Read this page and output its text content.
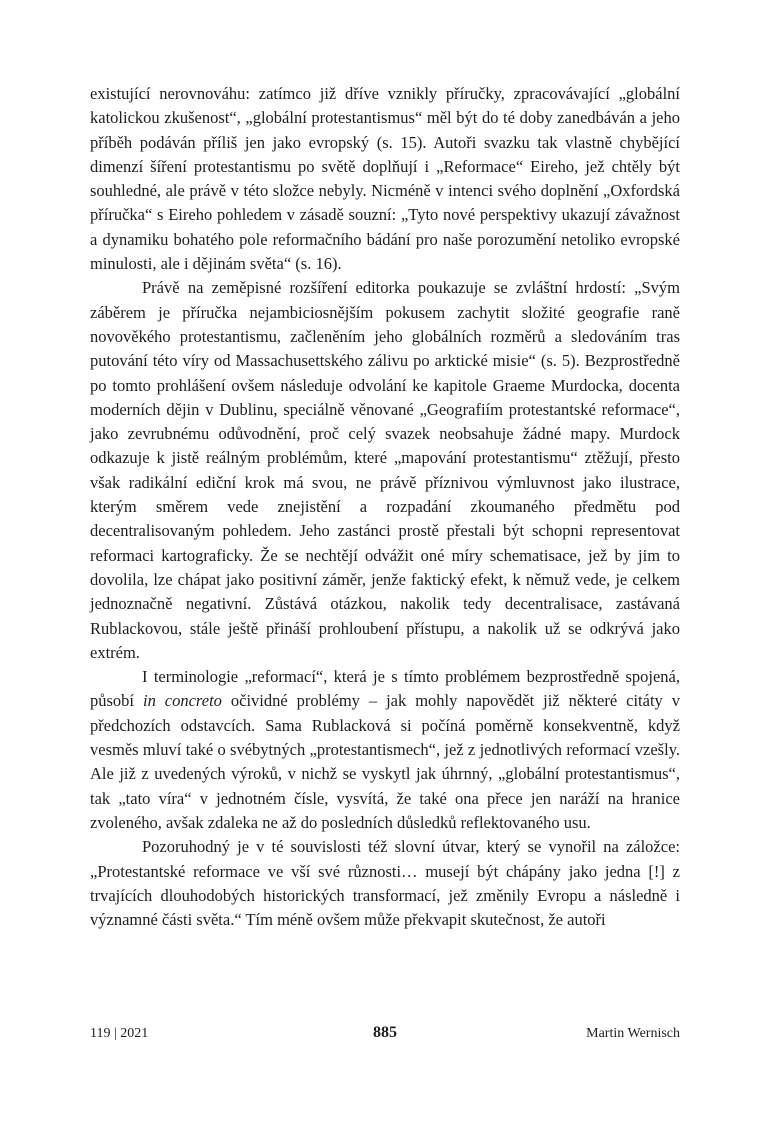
existující nerovnováhu: zatímco již dříve vznikly příručky, zpracovávající „globální katolickou zkušenost“, „globální protestantismus“ měl být do té doby zanedbáván a jeho příběh podáván příliš jen jako evropský (s. 15). Autoři svazku tak vlastně chybějící dimenzí šíření protestantismu po světě doplňují i „Reformace“ Eireho, jež chtěly být souhledné, ale právě v této složce nebyly. Nicméně v intenci svého doplnění „Oxfordská příručka“ s Eireho pohledem v zásadě souzní: „Tyto nové perspektivy ukazují závažnost a dynamiku bohatého pole reformačního bádání pro naše porozumění netoliko evropské minulosti, ale i dějinám světa“ (s. 16).

Právě na zeměpisné rozšíření editorka poukazuje se zvláštní hrdostí: „Svým záběrem je příručka nejambiciosnějším pokusem zachytit složité geografie raně novověkého protestantismu, začleněním jeho globálních rozměrů a sledováním tras putování této víry od Massachusettského zálivu po arktické misie“ (s. 5). Bezprostředně po tomto prohlášení ovšem následuje odvolání ke kapitole Graeme Murdocka, docenta moderních dějin v Dublinu, speciálně věnované „Geografiím protestantské reformace“, jako zevrubnému odůvodnění, proč celý svazek neobsahuje žádné mapy. Murdock odkazuje k jistě reálným problémům, které „mapování protestantismu“ ztěžují, přesto však radikální ediční krok má svou, ne právě příznivou výmluvnost jako ilustrace, kterým směrem vede znejistění a rozpadání zkoumaného předmětu pod decentralisovaným pohledem. Jeho zastánci prostě přestali být schopni representovat reformaci kartograficky. Že se nechtějí odvážit oné míry schematisace, jež by jim to dovolila, lze chápat jako positivní záměr, jenže faktický efekt, k němuž vede, je celkem jednoznačně negativní. Zůstává otázkou, nakolik tedy decentralisace, zastávaná Rublackovou, stále ještě přináší prohloubení přístupu, a nakolik už se odkrývá jako extrém.

I terminologie „reformací“, která je s tímto problémem bezprostředně spojená, působí in concreto očividné problémy – jak mohly napovědět již některé citáty v předchozích odstavcích. Sama Rublacková si počíná poměrně konsekventně, když vesměs mluví také o svébytných „protestantismech“, jež z jednotlivých reformací vzešly. Ale již z uvedených výroků, v nichž se vyskytl jak úhrnný, „globální protestantismus“, tak „tato víra“ v jednotném čísle, vysvítá, že také ona přece jen naráží na hranice zvoleného, avšak zdaleka ne až do posledních důsledků reflektovaného usu.

Pozoruhodný je v té souvislosti též slovní útvar, který se vynořil na záložce: „Protestantské reformace ve vší své různosti… musejí být chápány jako jedna [!] z trvajících dlouhodobých historických transformací, jež změnily Evropu a následně i významné části světa.“ Tím méně ovšem může překvapit skutečnost, že autoři

119 | 2021	885	Martin Wernisch
